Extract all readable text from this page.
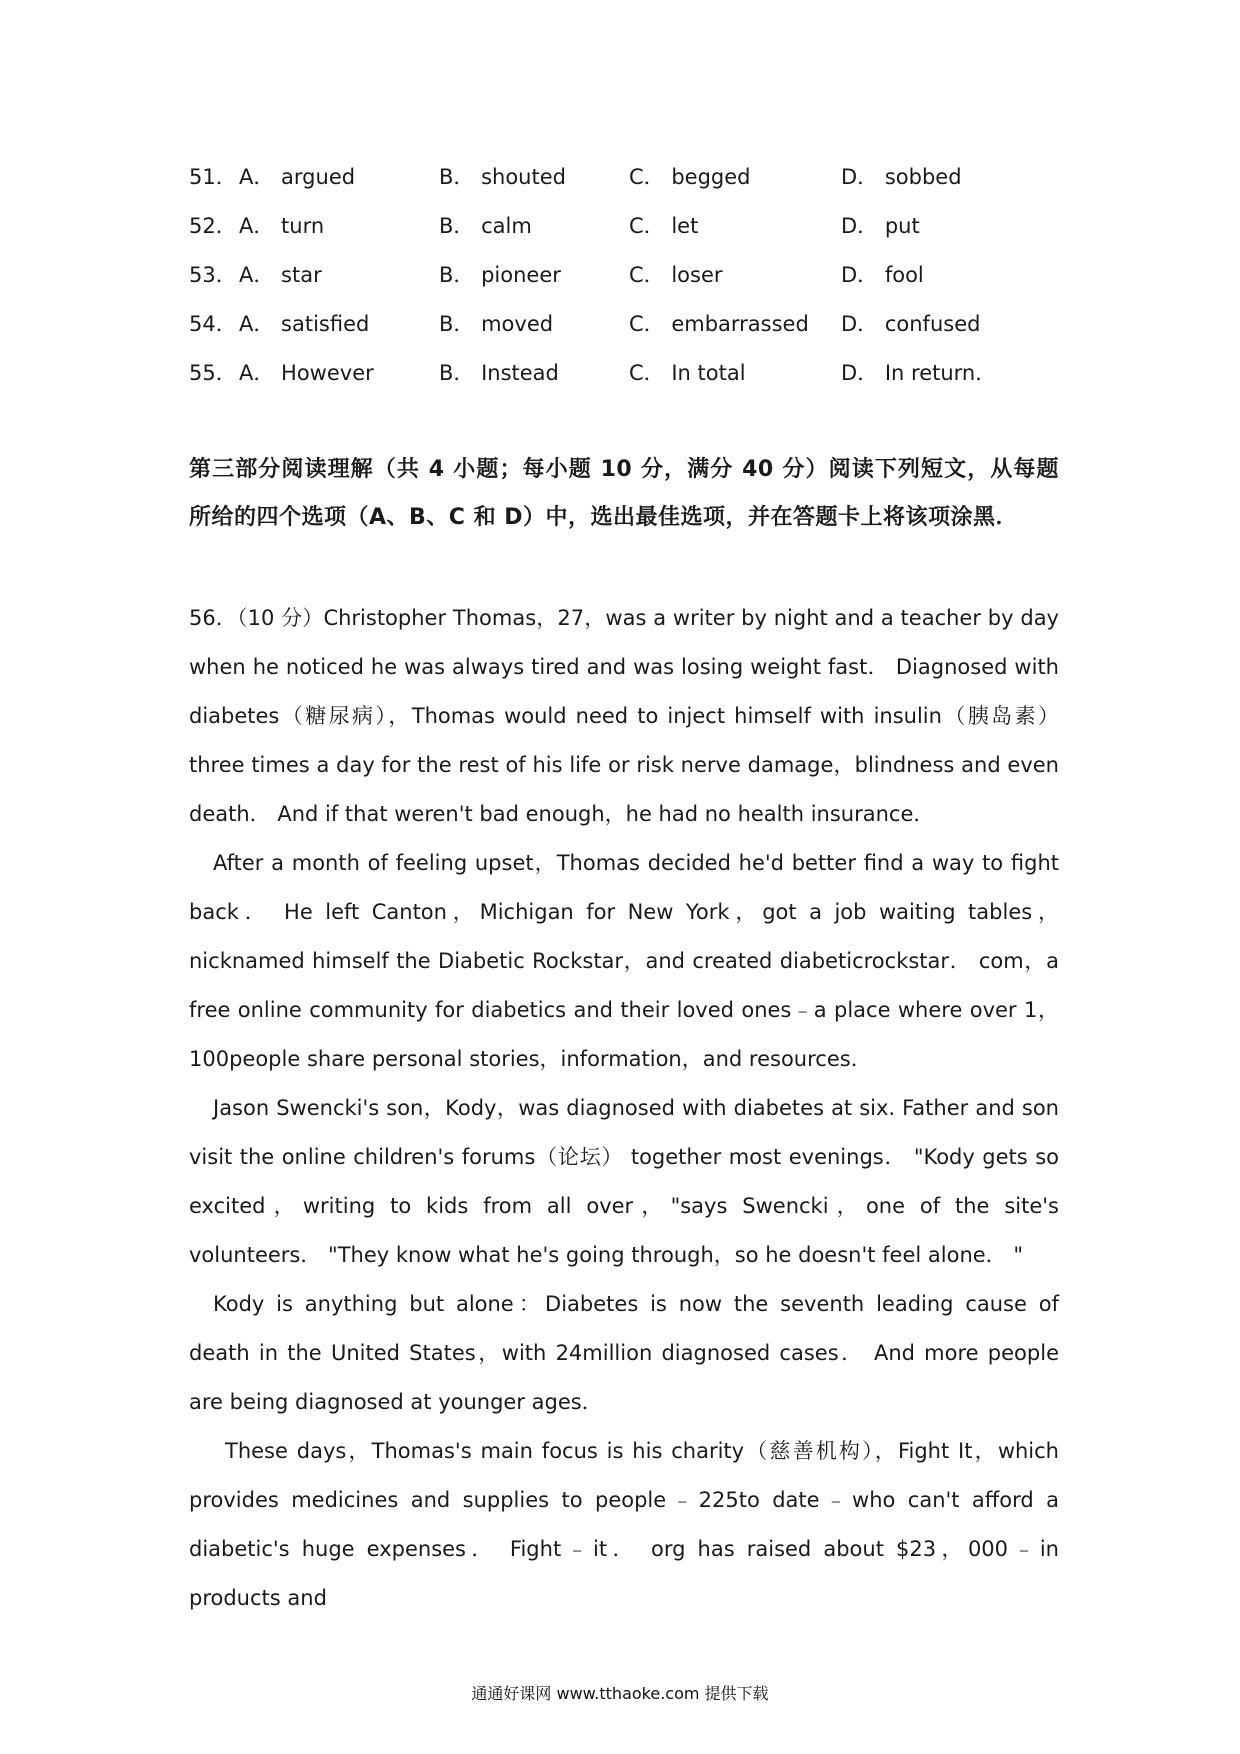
51． A． argued	B． shouted	C． begged	D． sobbed
52． A． turn	B． calm	C． let	D． put
53． A． star	B． pioneer	C． loser	D． fool
54． A． satisfied	B． moved	C． embarrassed D． confused
55． A． However	B． Instead	C． In total	D． In return．
第三部分阅读理解（共 4 小题；每小题 10 分，满分 40 分）阅读下列短文，从每题所给的四个选项（A、B、C 和 D）中，选出最佳选项，并在答题卡上将该项涂黑．

56．（10 分）Christopher Thomas，27，was a writer by night and a teacher by day when he noticed he was always tired and was losing weight fast． Diagnosed with diabetes（糖尿病），Thomas would need to inject himself with insulin（胰岛素） three times a day for the rest of his life or risk nerve damage，blindness and even death． And if that weren't bad enough，he had no health insurance．

After a month of feeling upset，Thomas decided he'd better find a way to fight back． He left Canton，Michigan for New York，got a job waiting tables，nicknamed himself the Diabetic Rockstar，and created diabeticrockstar． com，a free online community for diabetics and their loved ones﹣a place where over 1，100people share personal stories，information，and resources．

Jason Swencki's son，Kody，was diagnosed with diabetes at six. Father and son visit the online children's forums（论坛） together most evenings． "Kody gets so excited，writing to kids from all over，"says Swencki，one of the site's volunteers． "They know what he's going through，so he doesn't feel alone． "

Kody is anything but alone：Diabetes is now the seventh leading cause of death in the United States，with 24million diagnosed cases． And more people are being diagnosed at younger ages．

These days，Thomas's main focus is his charity（慈善机构），Fight It，which provides medicines and supplies to people﹣225to date﹣who can't afford a diabetic's huge expenses． Fight﹣it． org has raised about $23，000﹣in products and

通通好课网 www.tthaoke.com 提供下载
